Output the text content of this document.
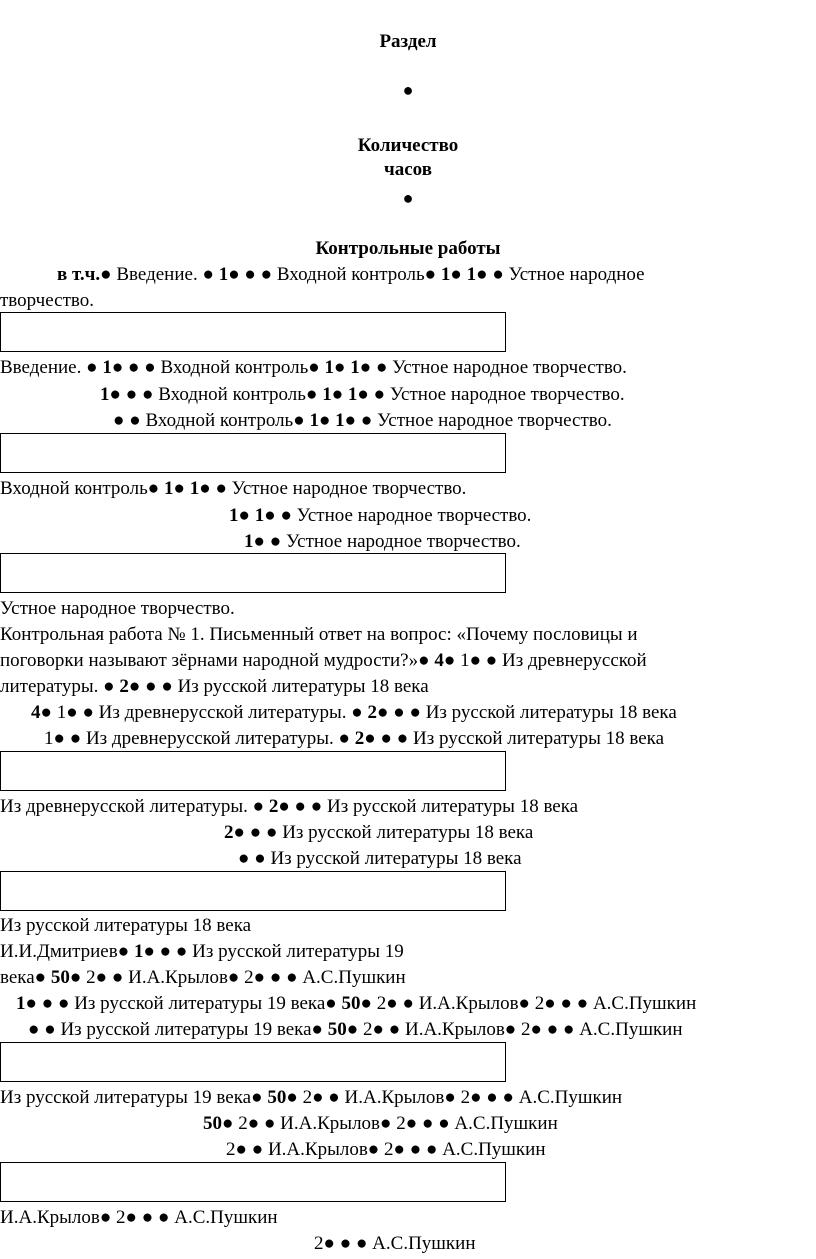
Раздел
●
Количество
часов
●
Контрольные работы
в т.ч.● Введение. ● 1● ● ● Входной контроль● 1● 1● ● Устное народное
творчество.
Введение. ● 1● ● ● Входной контроль● 1● 1● ● Устное народное творчество.
1● ● ● Входной контроль● 1● 1● ● Устное народное творчество.
● ● Входной контроль● 1● 1● ● Устное народное творчество.
Входной контроль● 1● 1● ● Устное народное творчество.
1● 1● ● Устное народное творчество.
1● ● Устное народное творчество.
Устное народное творчество.
Контрольная работа № 1. Письменный ответ на вопрос: «Почему пословицы и
поговорки называют зёрнами народной мудрости?»● 4● 1● ● Из древнерусской
литературы. ● 2● ● ● Из русской литературы 18 века
4● 1● ● Из древнерусской литературы. ● 2● ● ● Из русской литературы 18 века
1● ● Из древнерусской литературы. ● 2● ● ● Из русской литературы 18 века
Из древнерусской литературы. ● 2● ● ● Из русской литературы 18 века
2● ● ● Из русской литературы 18 века
● ● Из русской литературы 18 века
Из русской литературы 18 века
И.И.Дмитриев● 1● ● ● Из русской литературы 19
века● 50● 2● ● И.А.Крылов● 2● ● ● А.С.Пушкин
1● ● ● Из русской литературы 19 века● 50● 2● ● И.А.Крылов● 2● ● ● А.С.Пушкин
● ● Из русской литературы 19 века● 50● 2● ● И.А.Крылов● 2● ● ● А.С.Пушкин
Из русской литературы 19 века● 50● 2● ● И.А.Крылов● 2● ● ● А.С.Пушкин
50● 2● ● И.А.Крылов● 2● ● ● А.С.Пушкин
2● ● И.А.Крылов● 2● ● ● А.С.Пушкин
И.А.Крылов● 2● ● ● А.С.Пушкин
2● ● ● А.С.Пушкин
